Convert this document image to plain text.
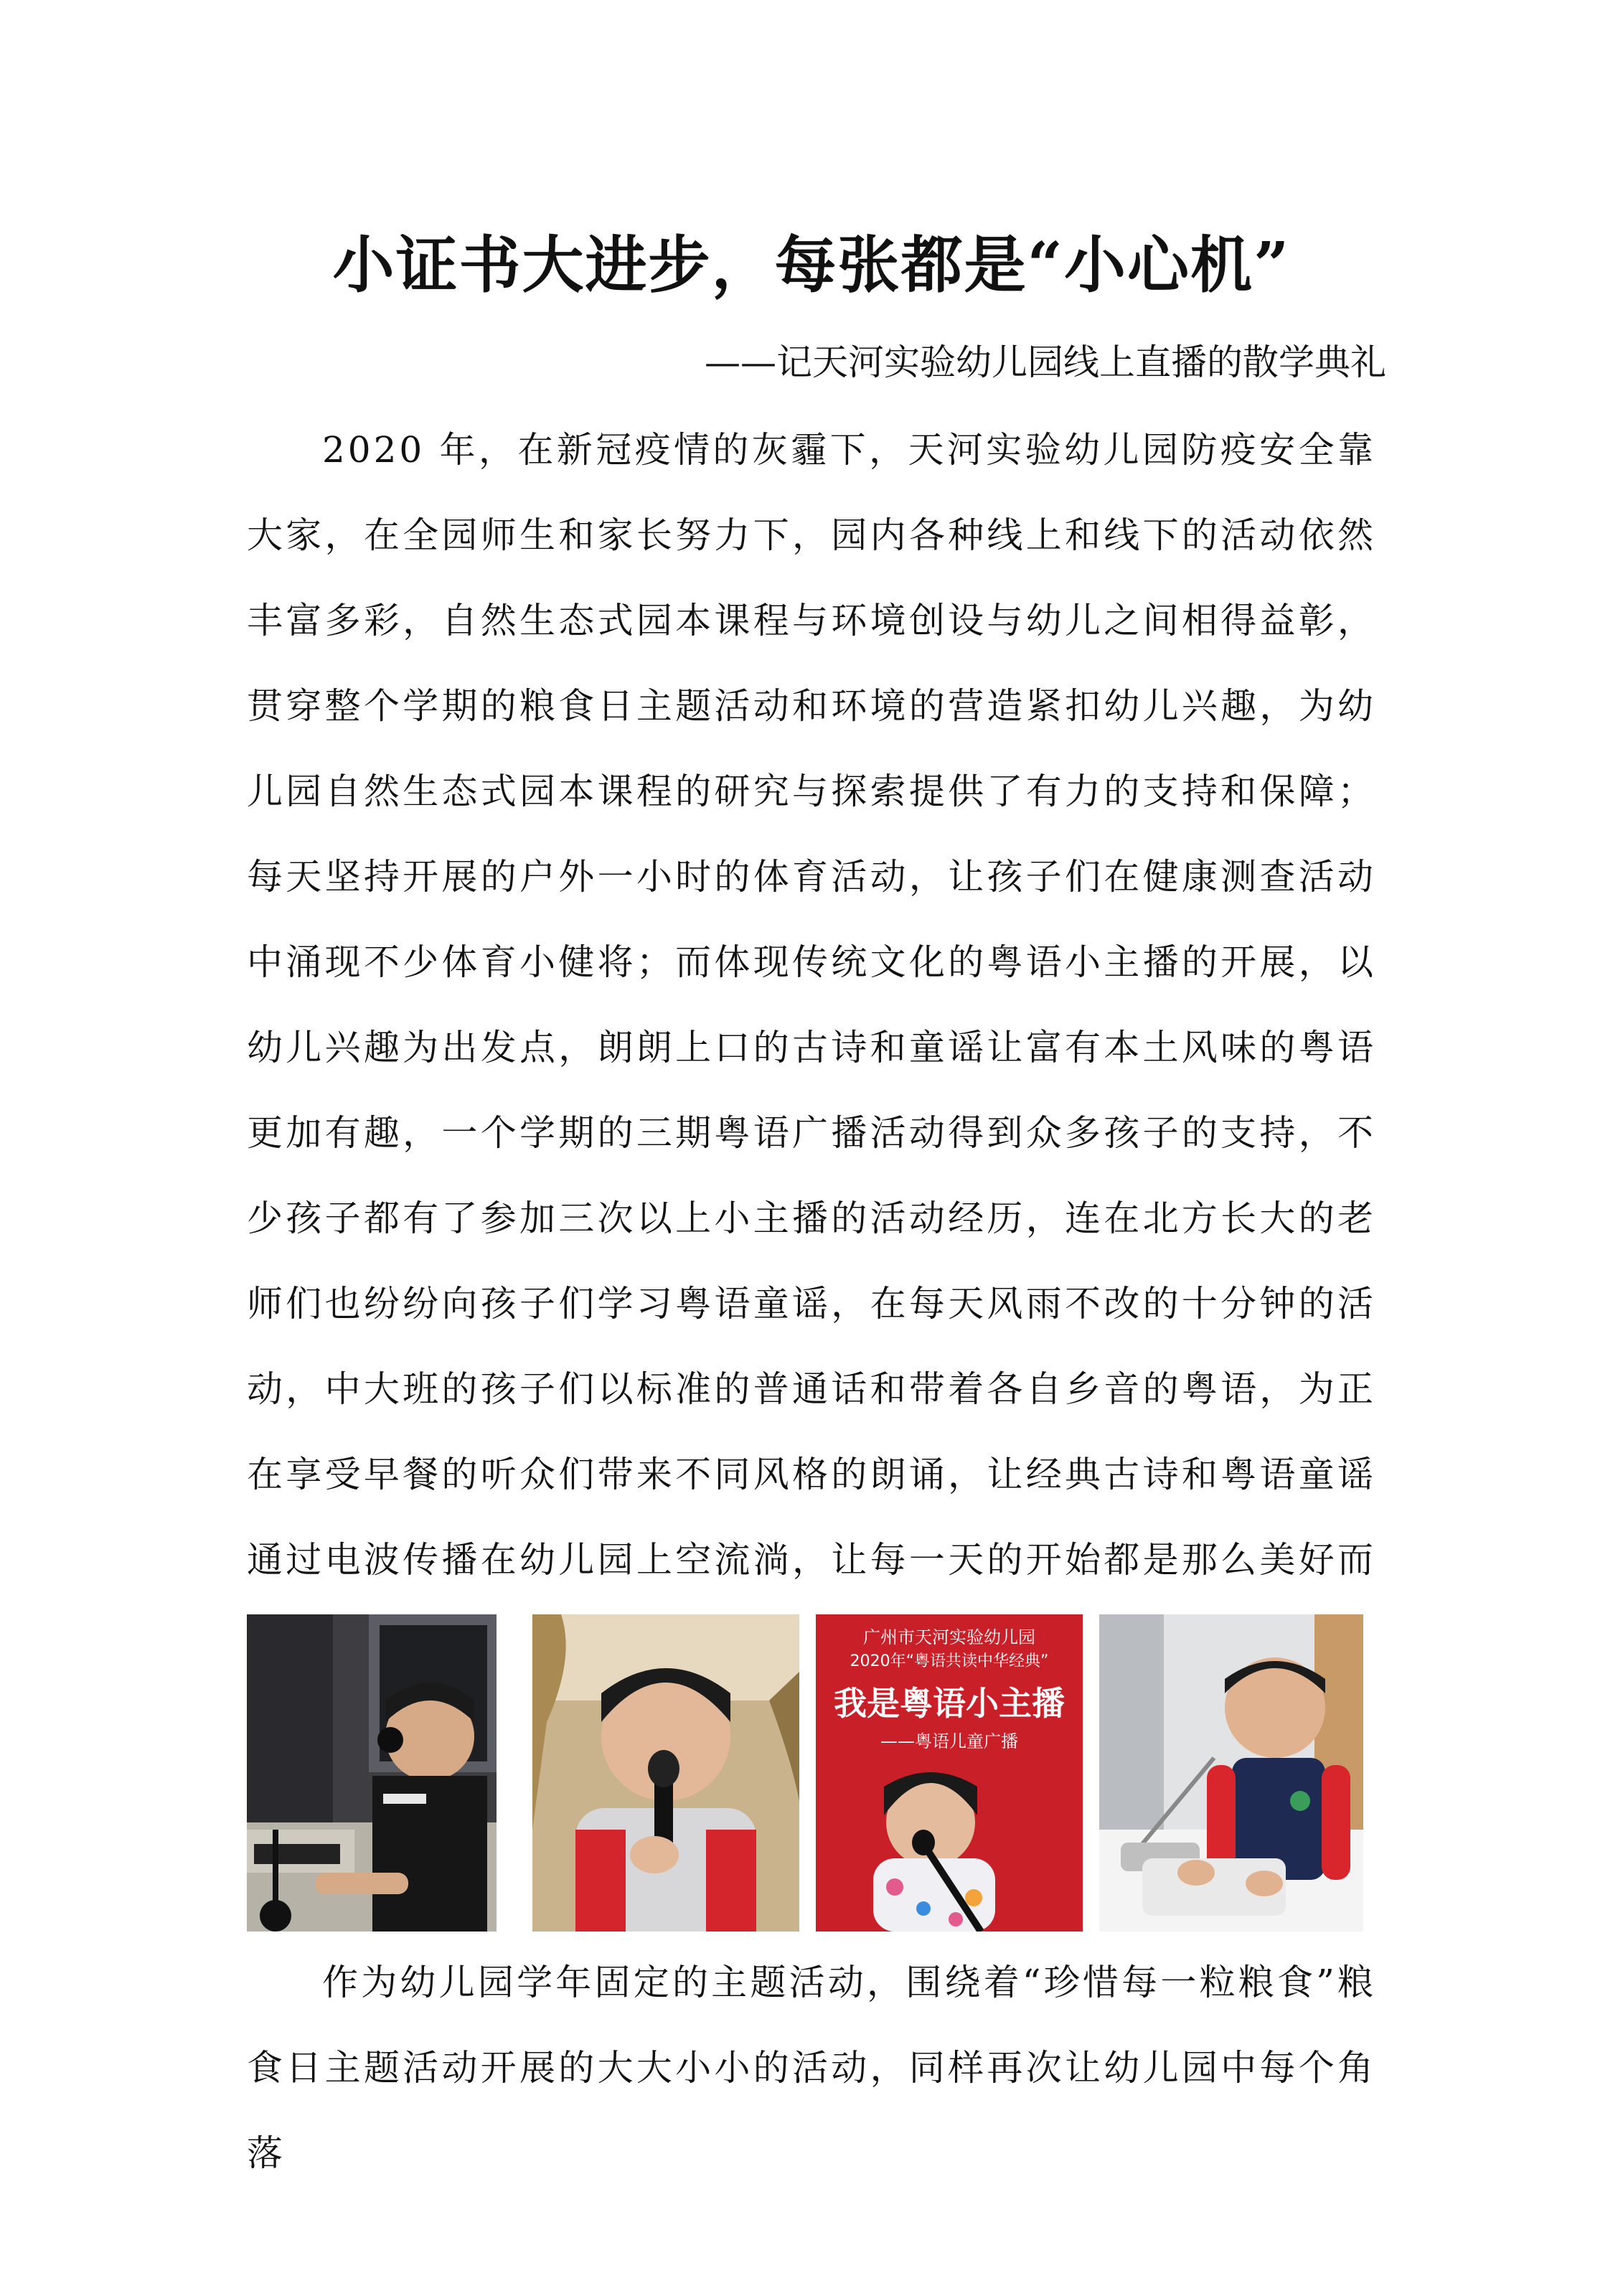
小证书大进步，每张都是“小心机”
——记天河实验幼儿园线上直播的散学典礼

2020 年，在新冠疫情的灰霾下，天河实验幼儿园防疫安全靠大家，在全园师生和家长努力下，园内各种线上和线下的活动依然丰富多彩，自然生态式园本课程与环境创设与幼儿之间相得益彰，贯穿整个学期的粮食日主题活动和环境的营造紧扣幼儿兴趣，为幼儿园自然生态式园本课程的研究与探索提供了有力的支持和保障；每天坚持开展的户外一小时的体育活动，让孩子们在健康测查活动中涌现不少体育小健将；而体现传统文化的粤语小主播的开展，以幼儿兴趣为出发点，朗朗上口的古诗和童谣让富有本土风味的粤语更加有趣，一个学期的三期粤语广播活动得到众多孩子的支持，不少孩子都有了参加三次以上小主播的活动经历，连在北方长大的老师们也纷纷向孩子们学习粤语童谣，在每天风雨不改的十分钟的活动，中大班的孩子们以标准的普通话和带着各自乡音的粤语，为正在享受早餐的听众们带来不同风格的朗诵，让经典古诗和粤语童谣通过电波传播在幼儿园上空流淌，让每一天的开始都是那么美好而

广州市天河实验幼儿园
2020年“粤语共读中华经典”
我是粤语小主播
——粤语儿童广播

作为幼儿园学年固定的主题活动，围绕着“珍惜每一粒粮食”粮食日主题活动开展的大大小小的活动，同样再次让幼儿园中每个角落
